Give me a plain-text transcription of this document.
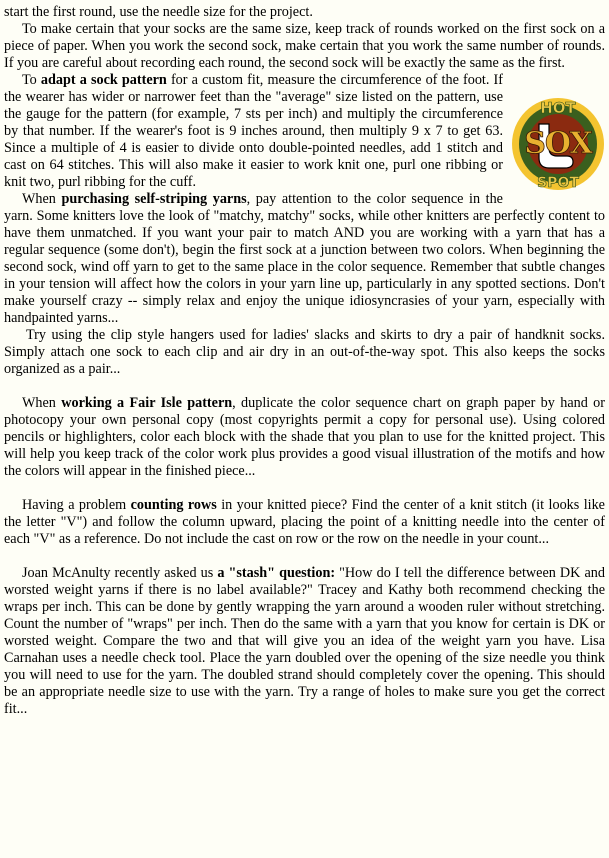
start the first round, use the needle size for the project.

To make certain that your socks are the same size, keep track of rounds worked on the first sock on a piece of paper. When you work the second sock, make certain that you work the same number of rounds. If you are careful about recording each round, the second sock will be exactly the same as the first.

HOT
SOX
SPOT
To adapt a sock pattern for a custom fit, measure the circumference of the foot. If the wearer has wider or narrower feet than the "average" size listed on the pattern, use the gauge for the pattern (for example, 7 sts per inch) and multiply the circumference by that number. If the wearer's foot is 9 inches around, then multiply 9 x 7 to get 63. Since a multiple of 4 is easier to divide onto double-pointed needles, add 1 stitch and cast on 64 stitches. This will also make it easier to work knit one, purl one ribbing or knit two, purl ribbing for the cuff.

When purchasing self-striping yarns, pay attention to the color sequence in the yarn. Some knitters love the look of "matchy, matchy" socks, while other knitters are perfectly content to have them unmatched. If you want your pair to match AND you are working with a yarn that has a regular sequence (some don't), begin the first sock at a junction between two colors. When beginning the second sock, wind off yarn to get to the same place in the color sequence. Remember that subtle changes in your tension will affect how the colors in your yarn line up, particularly in any spotted sections. Don't make yourself crazy -- simply relax and enjoy the unique idiosyncrasies of your yarn, especially with handpainted yarns...

Try using the clip style hangers used for ladies' slacks and skirts to dry a pair of handknit socks. Simply attach one sock to each clip and air dry in an out-of-the-way spot. This also keeps the socks organized as a pair...

When working a Fair Isle pattern, duplicate the color sequence chart on graph paper by hand or photocopy your own personal copy (most copyrights permit a copy for personal use). Using colored pencils or highlighters, color each block with the shade that you plan to use for the knitted project. This will help you keep track of the color work plus provides a good visual illustration of the motifs and how the colors will appear in the finished piece...

Having a problem counting rows in your knitted piece? Find the center of a knit stitch (it looks like the letter "V") and follow the column upward, placing the point of a knitting needle into the center of each "V" as a reference. Do not include the cast on row or the row on the needle in your count...

Joan McAnulty recently asked us a "stash" question: "How do I tell the difference between DK and worsted weight yarns if there is no label available?" Tracey and Kathy both recommend checking the wraps per inch. This can be done by gently wrapping the yarn around a wooden ruler without stretching. Count the number of "wraps" per inch. Then do the same with a yarn that you know for certain is DK or worsted weight. Compare the two and that will give you an idea of the weight yarn you have. Lisa Carnahan uses a needle check tool. Place the yarn doubled over the opening of the size needle you think you will need to use for the yarn. The doubled strand should completely cover the opening. This should be an appropriate needle size to use with the yarn. Try a range of holes to make sure you get the correct fit...
